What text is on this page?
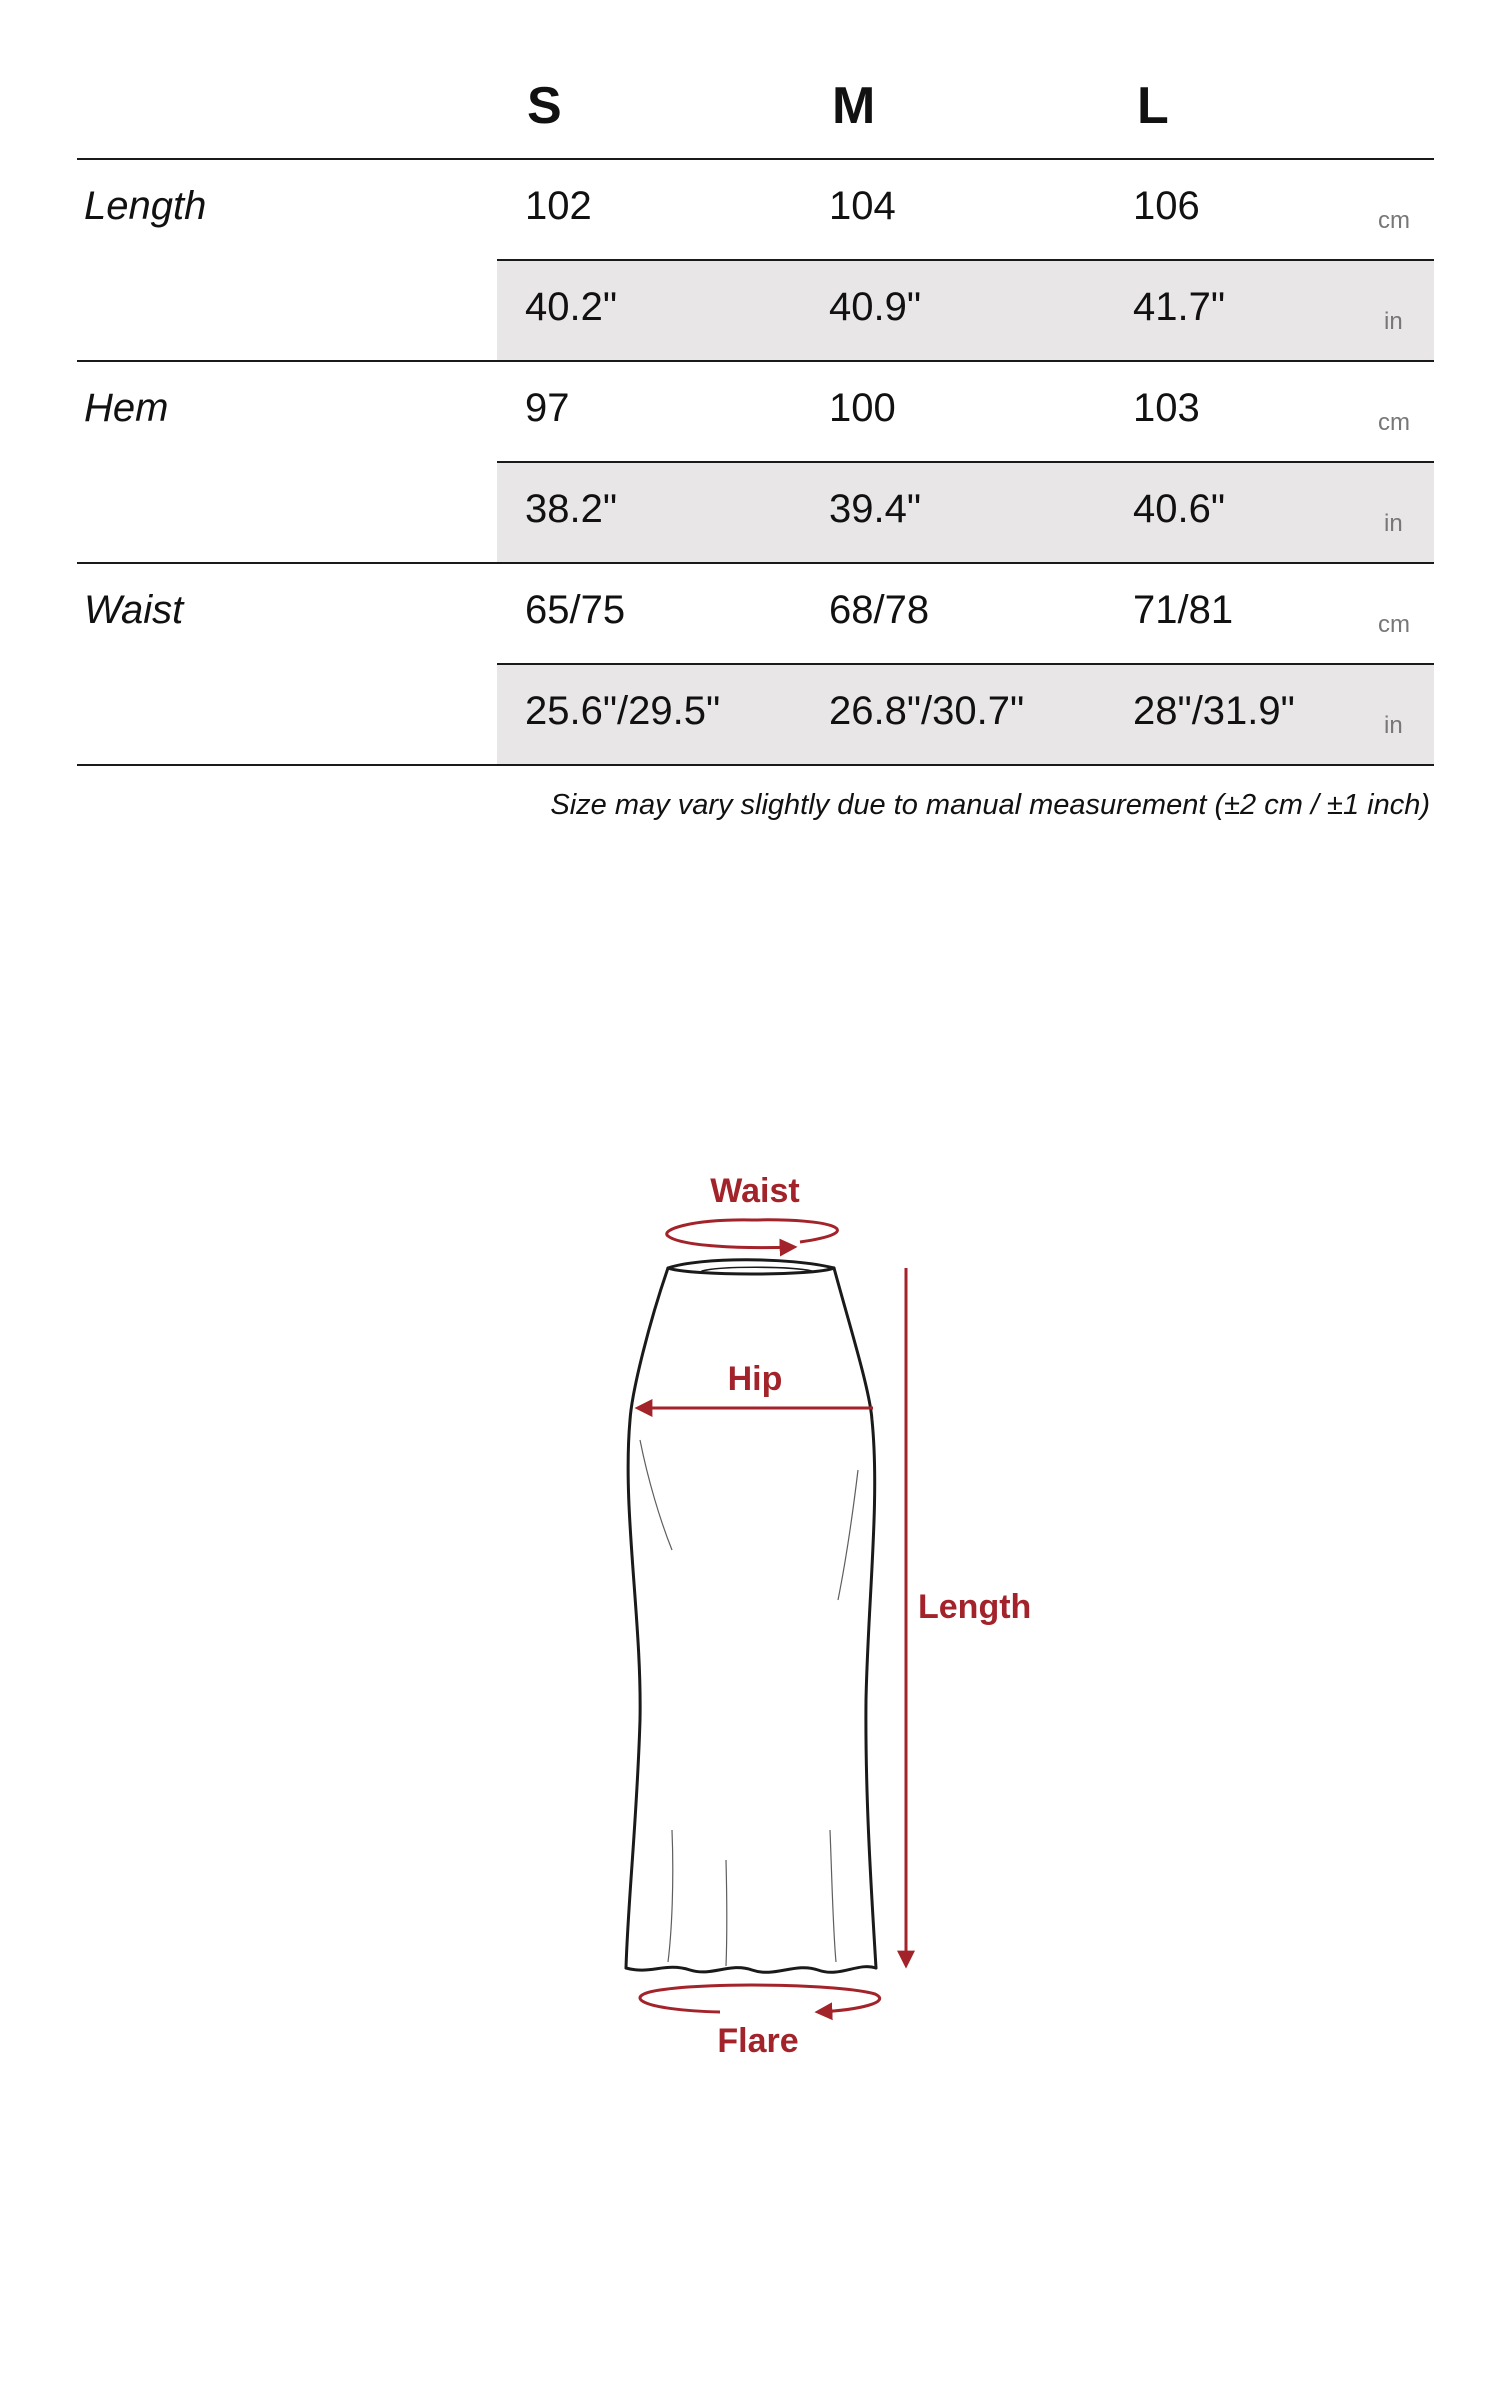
S	M	L
Length	102	104	106	cm
40.2"	40.9"	41.7"	in
Hem	97	100	103	cm
38.2"	39.4"	40.6"	in
Waist	65/75	68/78	71/81	cm
25.6"/29.5"	26.8"/30.7"	28"/31.9"	in
Size may vary slightly due to manual measurement (±2 cm / ±1 inch)
Waist
Hip
Length
Flare
